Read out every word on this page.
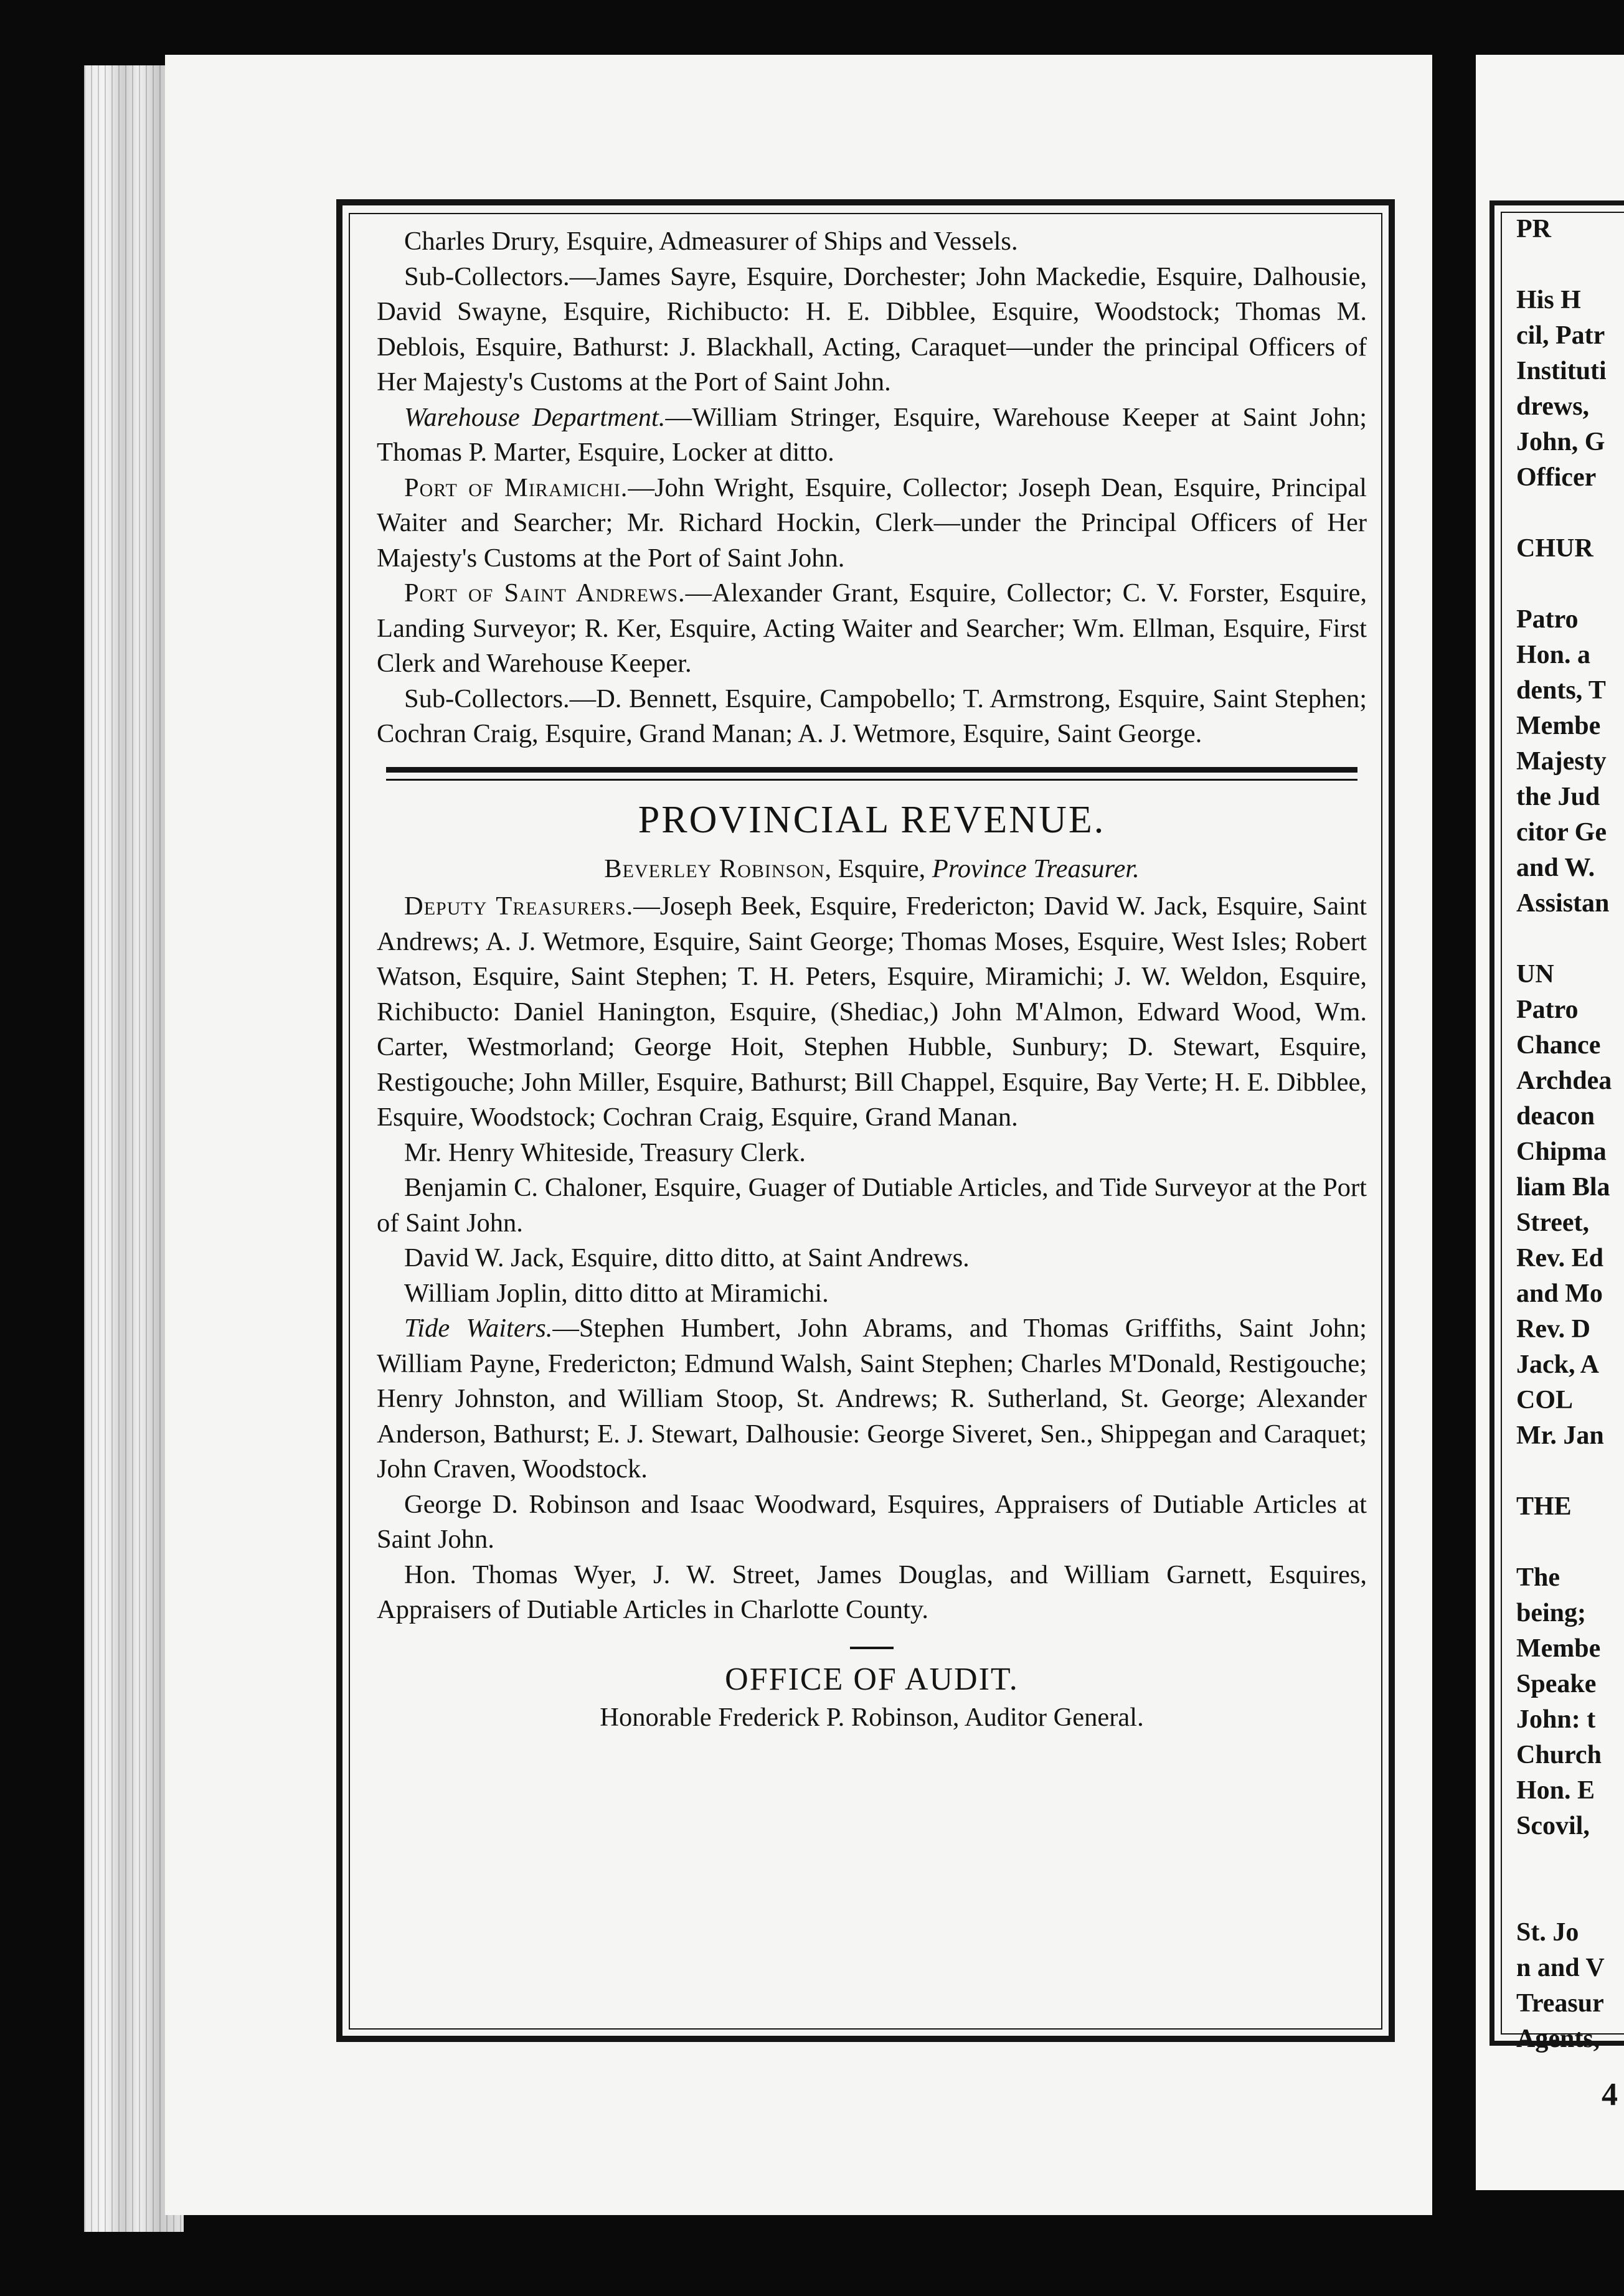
PR
His H
cil, Patr
Instituti
drews,
John, G
Officer
CHUR
Patro
Hon. a
dents, T
Membe
Majesty
the Jud
citor Ge
and W.
Assistan
UN
Patro
Chance
Archdea
deacon
Chipma
liam Bla
Street,
Rev. Ed
and Mo
Rev. D
Jack, A
COL
Mr. Jan
THE
The
being;
Membe
Speake
John: t
Church
Hon. E
Scovil,
St. Jo
n and V
Treasur
Agents,
4

Charles Drury, Esquire, Admeasurer of Ships and Vessels.

Sub-Collectors.—James Sayre, Esquire, Dorchester; John Mackedie, Esquire, Dalhousie, David Swayne, Esquire, Richibucto: H. E. Dibblee, Esquire, Woodstock; Thomas M. Deblois, Esquire, Bathurst: J. Blackhall, Acting, Caraquet—under the principal Officers of Her Majesty's Customs at the Port of Saint John.

Warehouse Department.—William Stringer, Esquire, Warehouse Keeper at Saint John; Thomas P. Marter, Esquire, Locker at ditto.

Port of Miramichi.—John Wright, Esquire, Collector; Joseph Dean, Esquire, Principal Waiter and Searcher; Mr. Richard Hockin, Clerk—under the Principal Officers of Her Majesty's Customs at the Port of Saint John.

Port of Saint Andrews.—Alexander Grant, Esquire, Collector; C. V. Forster, Esquire, Landing Surveyor; R. Ker, Esquire, Acting Waiter and Searcher; Wm. Ellman, Esquire, First Clerk and Warehouse Keeper.

Sub-Collectors.—D. Bennett, Esquire, Campobello; T. Armstrong, Esquire, Saint Stephen; Cochran Craig, Esquire, Grand Manan; A. J. Wetmore, Esquire, Saint George.

PROVINCIAL REVENUE.

Beverley Robinson, Esquire, Province Treasurer.

Deputy Treasurers.—Joseph Beek, Esquire, Fredericton; David W. Jack, Esquire, Saint Andrews; A. J. Wetmore, Esquire, Saint George; Thomas Moses, Esquire, West Isles; Robert Watson, Esquire, Saint Stephen; T. H. Peters, Esquire, Miramichi; J. W. Weldon, Esquire, Richibucto: Daniel Hanington, Esquire, (Shediac,) John M'Almon, Edward Wood, Wm. Carter, Westmorland; George Hoit, Stephen Hubble, Sunbury; D. Stewart, Esquire, Restigouche; John Miller, Esquire, Bathurst; Bill Chappel, Esquire, Bay Verte; H. E. Dibblee, Esquire, Woodstock; Cochran Craig, Esquire, Grand Manan.

Mr. Henry Whiteside, Treasury Clerk.

Benjamin C. Chaloner, Esquire, Guager of Dutiable Articles, and Tide Surveyor at the Port of Saint John.

David W. Jack, Esquire, ditto ditto, at Saint Andrews.

William Joplin, ditto ditto at Miramichi.

Tide Waiters.—Stephen Humbert, John Abrams, and Thomas Griffiths, Saint John; William Payne, Fredericton; Edmund Walsh, Saint Stephen; Charles M'Donald, Restigouche; Henry Johnston, and William Stoop, St. Andrews; R. Sutherland, St. George; Alexander Anderson, Bathurst; E. J. Stewart, Dalhousie: George Siveret, Sen., Shippegan and Caraquet; John Craven, Woodstock.

George D. Robinson and Isaac Woodward, Esquires, Appraisers of Dutiable Articles at Saint John.

Hon. Thomas Wyer, J. W. Street, James Douglas, and William Garnett, Esquires, Appraisers of Dutiable Articles in Charlotte County.

OFFICE OF AUDIT.

Honorable Frederick P. Robinson, Auditor General.
